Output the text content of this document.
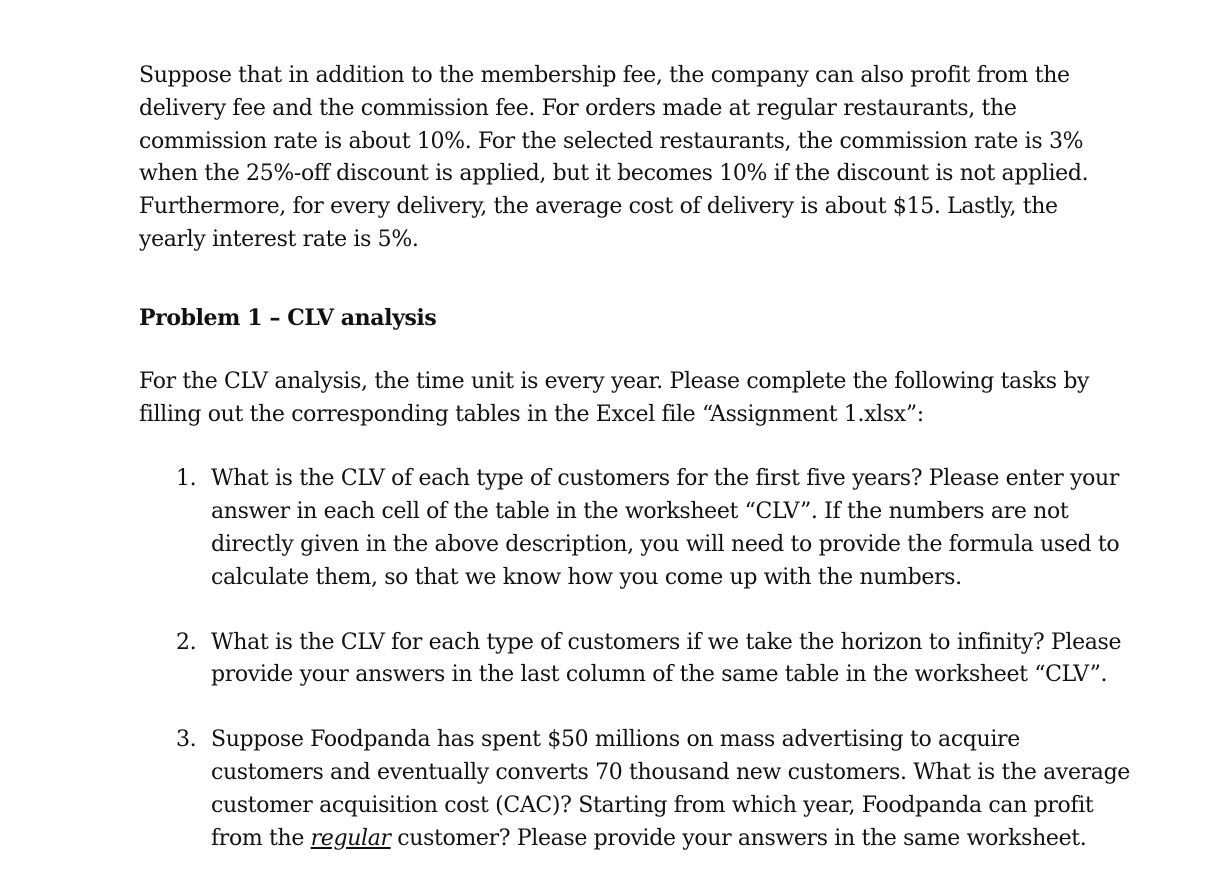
Suppose that in addition to the membership fee, the company can also profit from the
delivery fee and the commission fee. For orders made at regular restaurants, the
commission rate is about 10%. For the selected restaurants, the commission rate is 3%
when the 25%-off discount is applied, but it becomes 10% if the discount is not applied.
Furthermore, for every delivery, the average cost of delivery is about $15. Lastly, the
yearly interest rate is 5%.

Problem 1 – CLV analysis

For the CLV analysis, the time unit is every year. Please complete the following tasks by
filling out the corresponding tables in the Excel file “Assignment 1.xlsx”:

1. What is the CLV of each type of customers for the first five years? Please enter your
answer in each cell of the table in the worksheet “CLV”. If the numbers are not
directly given in the above description, you will need to provide the formula used to
calculate them, so that we know how you come up with the numbers.

2. What is the CLV for each type of customers if we take the horizon to infinity? Please
provide your answers in the last column of the same table in the worksheet “CLV”.

3. Suppose Foodpanda has spent $50 millions on mass advertising to acquire
customers and eventually converts 70 thousand new customers. What is the average
customer acquisition cost (CAC)? Starting from which year, Foodpanda can profit
from the regular customer? Please provide your answers in the same worksheet.
